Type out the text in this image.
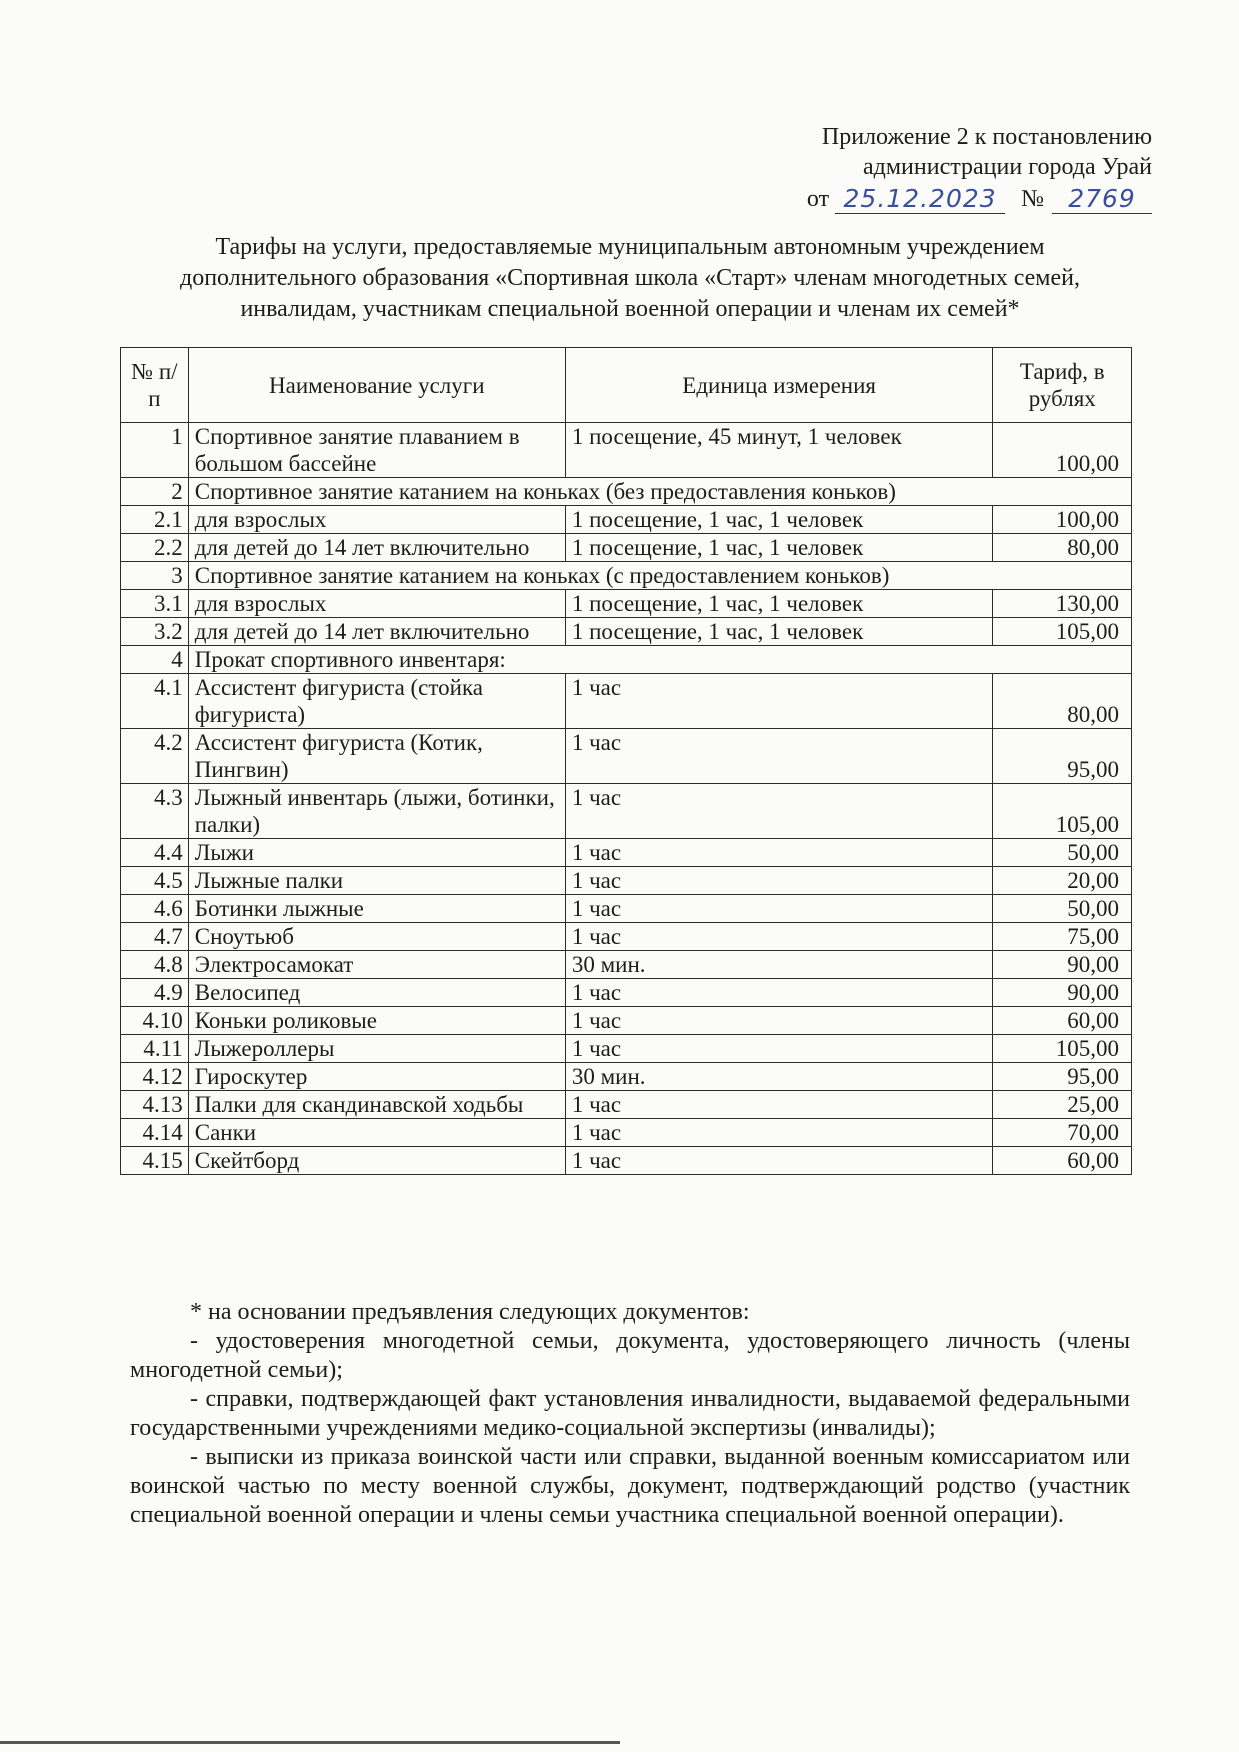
Приложение 2 к постановлению
администрации города Урай
от 25.12.2023	№ 2769
Тарифы на услуги, предоставляемые муниципальным автономным учреждением
дополнительного образования «Спортивная школа «Старт» членам многодетных семей,
инвалидам, участникам специальной военной операции и членам их семей*
№ п/п	Наименование услуги	Единица измерения	Тариф, в рублях
1	Спортивное занятие плаванием в большом бассейне	1 посещение, 45 минут, 1 человек	100,00
2	Спортивное занятие катанием на коньках (без предоставления коньков)		
2.1	для взрослых	1 посещение, 1 час, 1 человек	100,00
2.2	для детей до 14 лет включительно	1 посещение, 1 час, 1 человек	80,00
3	Спортивное занятие катанием на коньках (с предоставлением коньков)		
3.1	для взрослых	1 посещение, 1 час, 1 человек	130,00
3.2	для детей до 14 лет включительно	1 посещение, 1 час, 1 человек	105,00
4	Прокат спортивного инвентаря:		
4.1	Ассистент фигуриста (стойка фигуриста)	1 час	80,00
4.2	Ассистент фигуриста (Котик, Пингвин)	1 час	95,00
4.3	Лыжный инвентарь (лыжи, ботинки, палки)	1 час	105,00
4.4	Лыжи	1 час	50,00
4.5	Лыжные палки	1 час	20,00
4.6	Ботинки лыжные	1 час	50,00
4.7	Сноутьюб	1 час	75,00
4.8	Электросамокат	30 мин.	90,00
4.9	Велосипед	1 час	90,00
4.10	Коньки роликовые	1 час	60,00
4.11	Лыжероллеры	1 час	105,00
4.12	Гироскутер	30 мин.	95,00
4.13	Палки для скандинавской ходьбы	1 час	25,00
4.14	Санки	1 час	70,00
4.15	Скейтборд	1 час	60,00

* на основании предъявления следующих документов:

- удостоверения многодетной семьи, документа, удостоверяющего личность (члены многодетной семьи);

- справки, подтверждающей факт установления инвалидности, выдаваемой федеральными государственными учреждениями медико-социальной экспертизы (инвалиды);

- выписки из приказа воинской части или справки, выданной военным комиссариатом или воинской частью по месту военной службы, документ, подтверждающий родство (участник специальной военной операции и члены семьи участника специальной военной операции).
